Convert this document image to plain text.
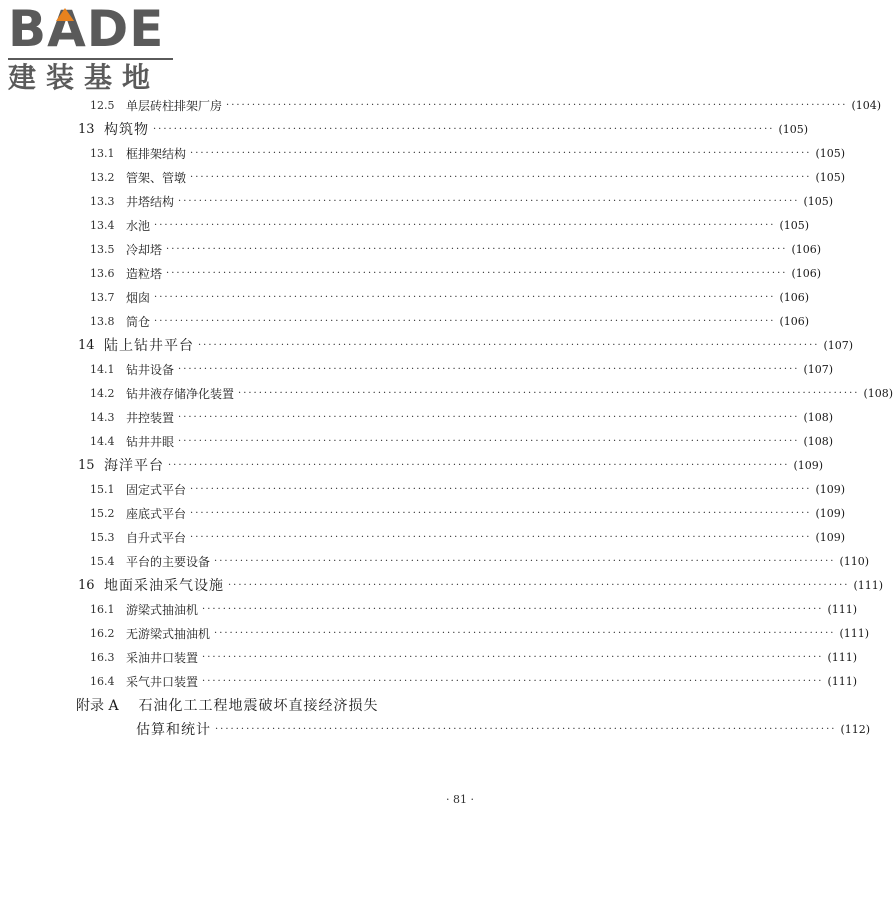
BADE
建装基地
12.5 单层砖柱排架厂房 ························································································································ (104)
13 构筑物 ························································································································ (105)
13.1 框排架结构 ························································································································ (105)
13.2 管架、管墩 ························································································································ (105)
13.3 井塔结构 ························································································································ (105)
13.4 水池 ························································································································ (105)
13.5 冷却塔 ························································································································ (106)
13.6 造粒塔 ························································································································ (106)
13.7 烟囱 ························································································································ (106)
13.8 筒仓 ························································································································ (106)
14 陆上钻井平台 ························································································································ (107)
14.1 钻井设备 ························································································································ (107)
14.2 钻井液存储净化装置 ························································································································ (108)
14.3 井控装置 ························································································································ (108)
14.4 钻井井眼 ························································································································ (108)
15 海洋平台 ························································································································ (109)
15.1 固定式平台 ························································································································ (109)
15.2 座底式平台 ························································································································ (109)
15.3 自升式平台 ························································································································ (109)
15.4 平台的主要设备 ························································································································ (110)
16 地面采油采气设施 ························································································································ (111)
16.1 游梁式抽油机 ························································································································ (111)
16.2 无游梁式抽油机 ························································································································ (111)
16.3 采油井口装置 ························································································································ (111)
16.4 采气井口装置 ························································································································ (111)
附录 A 石油化工工程地震破坏直接经济损失
估算和统计 ························································································································ (112)
· 81 ·
